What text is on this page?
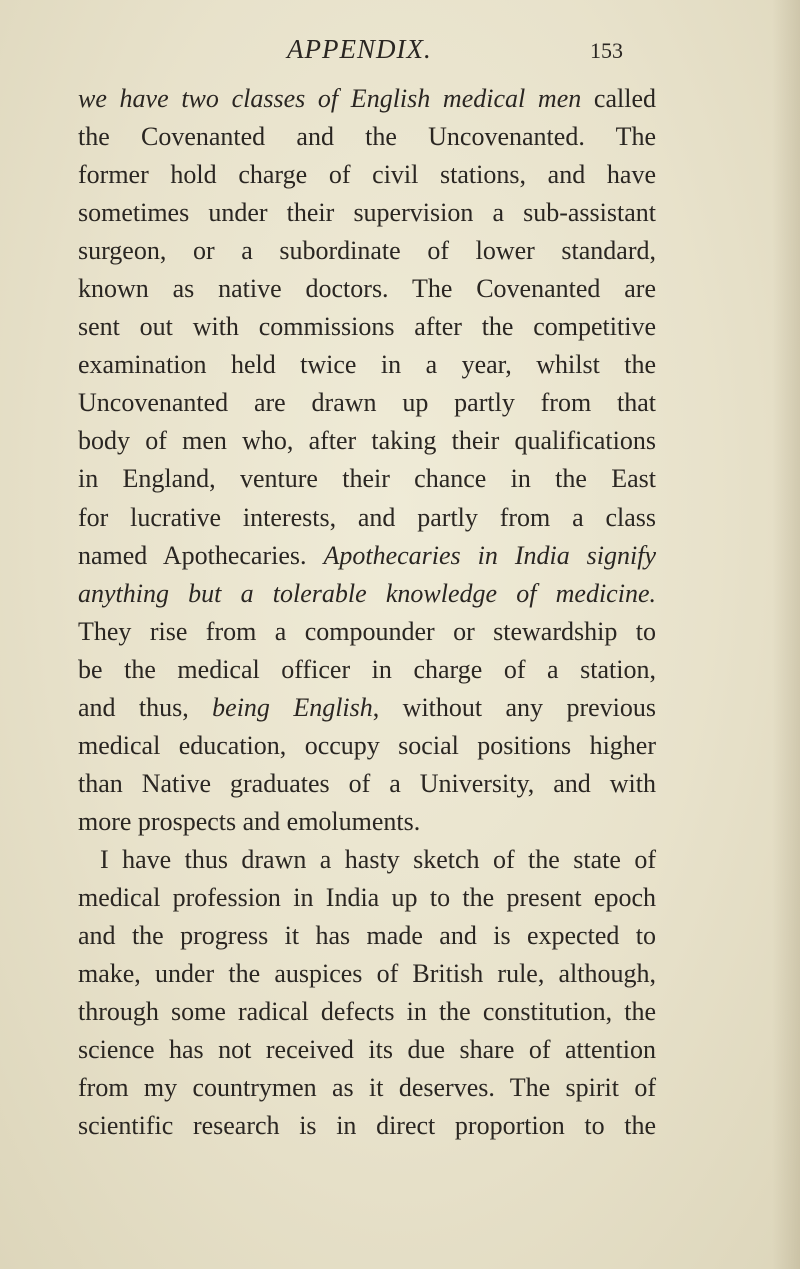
APPENDIX.	153
we have two classes of English medical men called
the Covenanted and the Uncovenanted. The
former hold charge of civil stations, and have
sometimes under their supervision a sub-assistant
surgeon, or a subordinate of lower standard,
known as native doctors. The Covenanted are
sent out with commissions after the competitive
examination held twice in a year, whilst the
Uncovenanted are drawn up partly from that
body of men who, after taking their qualifications
in England, venture their chance in the East
for lucrative interests, and partly from a class
named Apothecaries. Apothecaries in India signify
anything but a tolerable knowledge of medicine.
They rise from a compounder or stewardship to
be the medical officer in charge of a station,
and thus, being English, without any previous
medical education, occupy social positions higher
than Native graduates of a University, and with
more prospects and emoluments.
I have thus drawn a hasty sketch of the state of
medical profession in India up to the present epoch
and the progress it has made and is expected to
make, under the auspices of British rule, although,
through some radical defects in the constitution, the
science has not received its due share of attention
from my countrymen as it deserves. The spirit of
scientific research is in direct proportion to the
